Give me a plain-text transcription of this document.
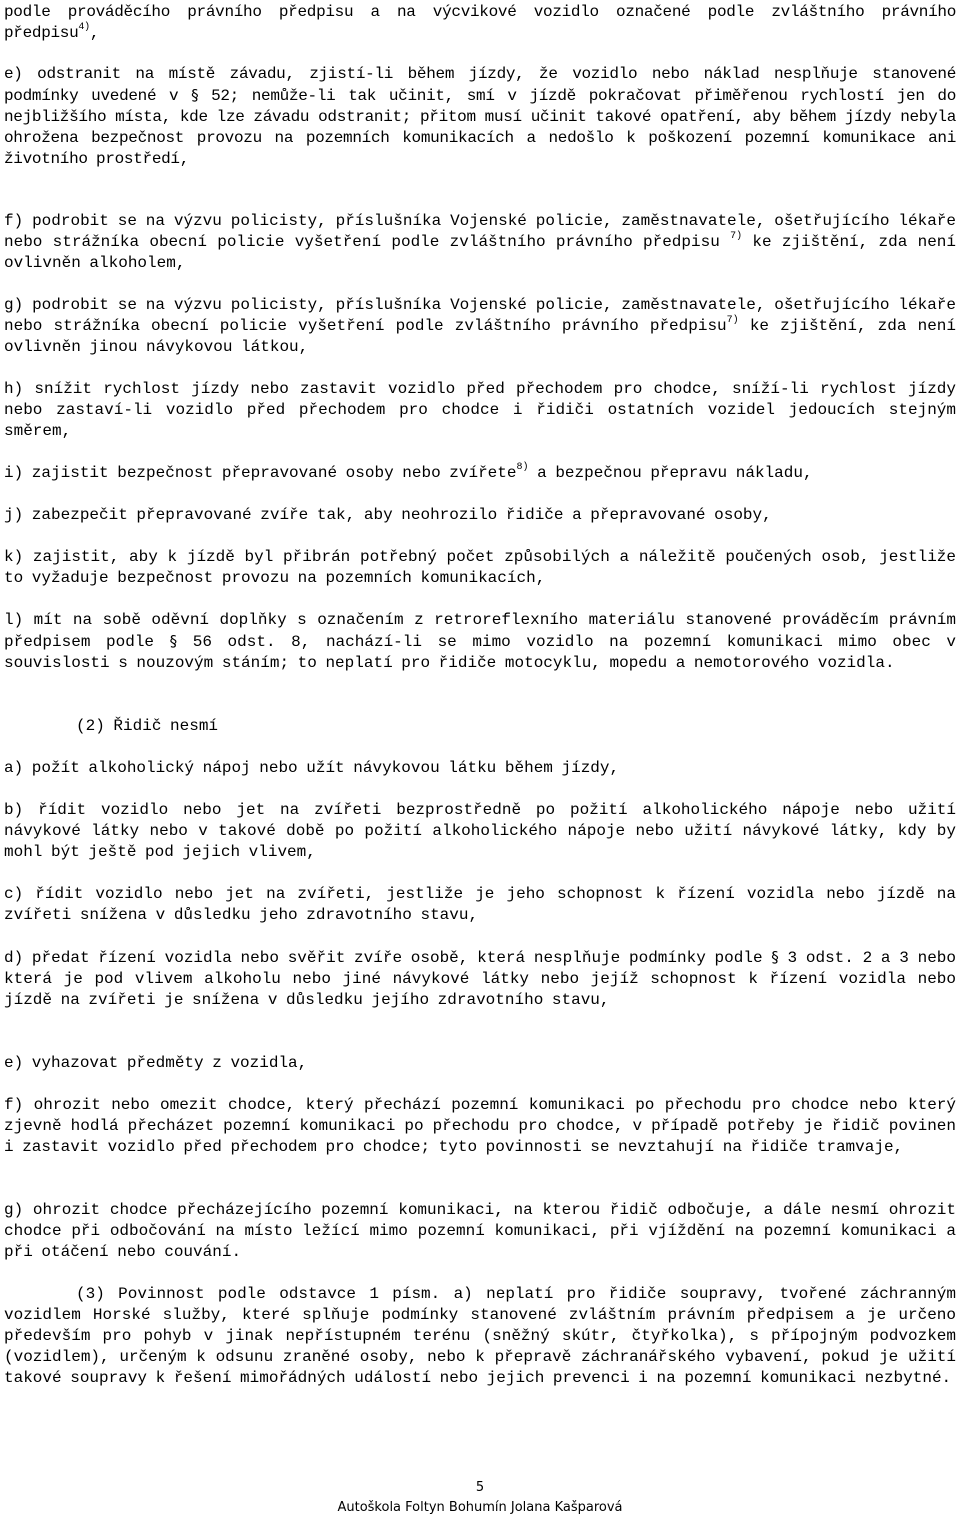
podle prováděcího právního předpisu a na výcvikové vozidlo označené podle zvláštního právního předpisu$^{4)}$,

e) odstranit na místě závadu, zjistí-li během jízdy, že vozidlo nebo náklad nesplňuje stanovené podmínky uvedené v § 52; nemůže-li tak učinit, smí v jízdě pokračovat přiměřenou rychlostí jen do nejbližšího místa, kde lze závadu odstranit; přitom musí učinit takové opatření, aby během jízdy nebyla ohrožena bezpečnost provozu na pozemních komunikacích a nedošlo k poškození pozemní komunikace ani životního prostředí,

f) podrobit se na výzvu policisty, příslušníka Vojenské policie, zaměstnavatele, ošetřujícího lékaře nebo strážníka obecní policie vyšetření podle zvláštního právního předpisu $^{7)}$ ke zjištění, zda není ovlivněn alkoholem,

g) podrobit se na výzvu policisty, příslušníka Vojenské policie, zaměstnavatele, ošetřujícího lékaře nebo strážníka obecní policie vyšetření podle zvláštního právního předpisu$^{7)}$ ke zjištění, zda není ovlivněn jinou návykovou látkou,

h) snížit rychlost jízdy nebo zastavit vozidlo před přechodem pro chodce, sníží-li rychlost jízdy nebo zastaví-li vozidlo před přechodem pro chodce i řidiči ostatních vozidel jedoucích stejným směrem,

i) zajistit bezpečnost přepravované osoby nebo zvířete$^{8)}$ a bezpečnou přepravu nákladu,

j) zabezpečit přepravované zvíře tak, aby neohrozilo řidiče a přepravované osoby,

k) zajistit, aby k jízdě byl přibrán potřebný počet způsobilých a náležitě poučených osob, jestliže to vyžaduje bezpečnost provozu na pozemních komunikacích,

l) mít na sobě oděvní doplňky s označením z retroreflexního materiálu stanovené prováděcím právním předpisem podle § 56 odst. 8, nachází-li se mimo vozidlo na pozemní komunikaci mimo obec v souvislosti s nouzovým stáním; to neplatí pro řidiče motocyklu, mopedu a nemotorového vozidla.

(2) Řidič nesmí

a) požít alkoholický nápoj nebo užít návykovou látku během jízdy,

b) řídit vozidlo nebo jet na zvířeti bezprostředně po požití alkoholického nápoje nebo užití návykové látky nebo v takové době po požití alkoholického nápoje nebo užití návykové látky, kdy by mohl být ještě pod jejich vlivem,

c) řídit vozidlo nebo jet na zvířeti, jestliže je jeho schopnost k řízení vozidla nebo jízdě na zvířeti snížena v důsledku jeho zdravotního stavu,

d) předat řízení vozidla nebo svěřit zvíře osobě, která nesplňuje podmínky podle § 3 odst. 2 a 3 nebo která je pod vlivem alkoholu nebo jiné návykové látky nebo jejíž schopnost k řízení vozidla nebo jízdě na zvířeti je snížena v důsledku jejího zdravotního stavu,

e) vyhazovat předměty z vozidla,

f) ohrozit nebo omezit chodce, který přechází pozemní komunikaci po přechodu pro chodce nebo který zjevně hodlá přecházet pozemní komunikaci po přechodu pro chodce, v případě potřeby je řidič povinen i zastavit vozidlo před přechodem pro chodce; tyto povinnosti se nevztahují na řidiče tramvaje,

g) ohrozit chodce přecházejícího pozemní komunikaci, na kterou řidič odbočuje, a dále nesmí ohrozit chodce při odbočování na místo ležící mimo pozemní komunikaci, při vjíždění na pozemní komunikaci a při otáčení nebo couvání.

(3) Povinnost podle odstavce 1 písm. a) neplatí pro řidiče soupravy, tvořené záchranným vozidlem Horské služby, které splňuje podmínky stanovené zvláštním právním předpisem a je určeno především pro pohyb v jinak nepřístupném terénu (sněžný skútr, čtyřkolka), s přípojným podvozkem (vozidlem), určeným k odsunu zraněné osoby, nebo k přepravě záchranářského vybavení, pokud je užití takové soupravy k řešení mimořádných událostí nebo jejich prevenci i na pozemní komunikaci nezbytné.

5
Autoškola Foltyn Bohumín Jolana Kašparová
